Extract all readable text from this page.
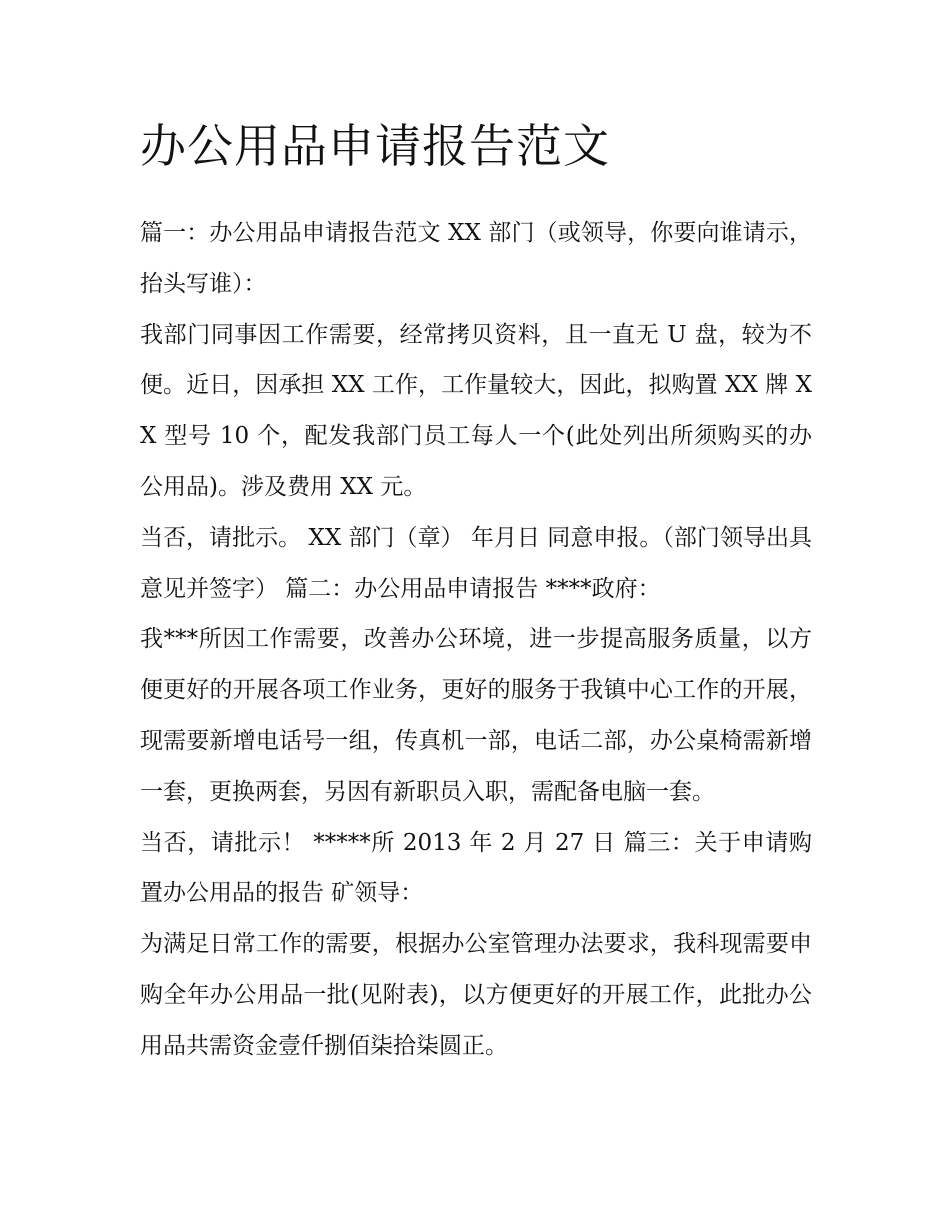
办公用品申请报告范文

篇一：办公用品申请报告范文 XX 部门（或领导，你要向谁请示，抬头写谁）：

我部门同事因工作需要，经常拷贝资料，且一直无 U 盘，较为不便。近日，因承担 XX 工作，工作量较大，因此，拟购置 XX 牌 XX 型号 10 个，配发我部门员工每人一个(此处列出所须购买的办公用品)。涉及费用 XX 元。

当否，请批示。 XX 部门（章） 年月日 同意申报。（部门领导出具意见并签字） 篇二：办公用品申请报告 ****政府：

我***所因工作需要，改善办公环境，进一步提高服务质量，以方便更好的开展各项工作业务，更好的服务于我镇中心工作的开展，现需要新增电话号一组，传真机一部，电话二部，办公桌椅需新增一套，更换两套，另因有新职员入职，需配备电脑一套。

当否，请批示！ *****所 2013 年 2 月 27 日 篇三：关于申请购置办公用品的报告 矿领导：

为满足日常工作的需要，根据办公室管理办法要求，我科现需要申购全年办公用品一批(见附表)，以方便更好的开展工作，此批办公用品共需资金壹仟捌佰柒拾柒圆正。
